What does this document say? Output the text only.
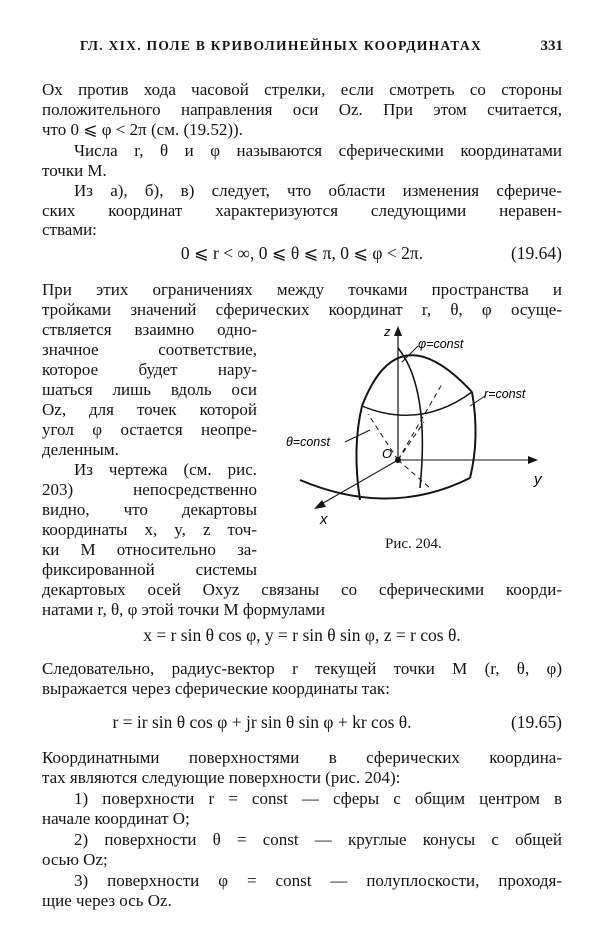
ГЛ. XIX. ПОЛЕ В КРИВОЛИНЕЙНЫХ КООРДИНАТАХ	331
Ox против хода часовой стрелки, если смотреть со стороны
положительного направления оси Oz. При этом считается,
что 0 ⩽ φ < 2π (см. (19.52)).
Числа r, θ и φ называются сферическими координатами
точки M.
Из а), б), в) следует, что области изменения сфериче-
ских координат характеризуются следующими неравен-
ствами:
0 ⩽ r < ∞, 0 ⩽ θ ⩽ π, 0 ⩽ φ < 2π.	(19.64)
При этих ограничениях между точками пространства и
тройками значений сферических координат r, θ, φ осуще-
ствляется взаимно одно-
значное соответствие,
которое будет нару-
шаться лишь вдоль оси
Oz, для точек которой
угол φ остается неопре-
деленным.
Из чертежа (см. рис.
203) непосредственно
видно, что декартовы
координаты x, y, z точ-
ки M относительно за-
фиксированной системы
z
y
x
O
φ=const
r=const
θ=const
Рис. 204.
декартовых осей Oxyz связаны со сферическими коорди-
натами r, θ, φ этой точки M формулами
x = r sin θ cos φ, y = r sin θ sin φ, z = r cos θ.
Следовательно, радиус-вектор r текущей точки M (r, θ, φ)
выражается через сферические координаты так:
r = ir sin θ cos φ + jr sin θ sin φ + kr cos θ.	(19.65)
Координатными поверхностями в сферических координа-
тах являются следующие поверхности (рис. 204):
1) поверхности r = const — сферы с общим центром в
начале координат O;
2) поверхности θ = const — круглые конусы с общей
осью Oz;
3) поверхности φ = const — полуплоскости, проходя-
щие через ось Oz.
